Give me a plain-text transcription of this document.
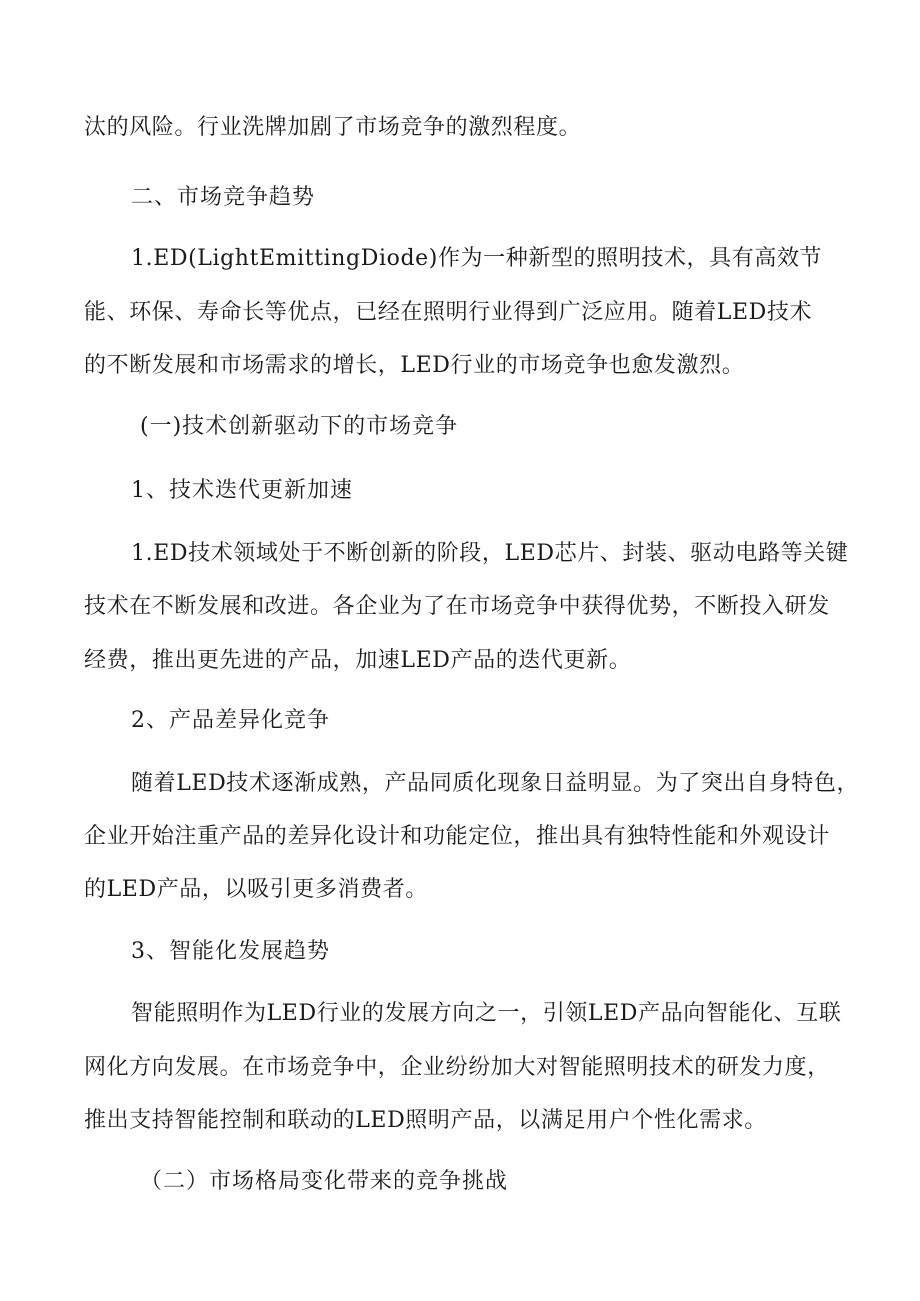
汰的风险。行业洗牌加剧了市场竞争的激烈程度。
二、市场竞争趋势
1.ED(LightEmittingDiode)作为一种新型的照明技术，具有高效节
能、环保、寿命长等优点，已经在照明行业得到广泛应用。随着LED技术
的不断发展和市场需求的增长，LED行业的市场竞争也愈发激烈。
(一)技术创新驱动下的市场竞争
1、技术迭代更新加速
1.ED技术领域处于不断创新的阶段，LED芯片、封装、驱动电路等关键
技术在不断发展和改进。各企业为了在市场竞争中获得优势，不断投入研发
经费，推出更先进的产品，加速LED产品的迭代更新。
2、产品差异化竞争
随着LED技术逐渐成熟，产品同质化现象日益明显。为了突出自身特色，
企业开始注重产品的差异化设计和功能定位，推出具有独特性能和外观设计
的LED产品，以吸引更多消费者。
3、智能化发展趋势
智能照明作为LED行业的发展方向之一，引领LED产品向智能化、互联
网化方向发展。在市场竞争中，企业纷纷加大对智能照明技术的研发力度，
推出支持智能控制和联动的LED照明产品，以满足用户个性化需求。
（二）市场格局变化带来的竞争挑战
